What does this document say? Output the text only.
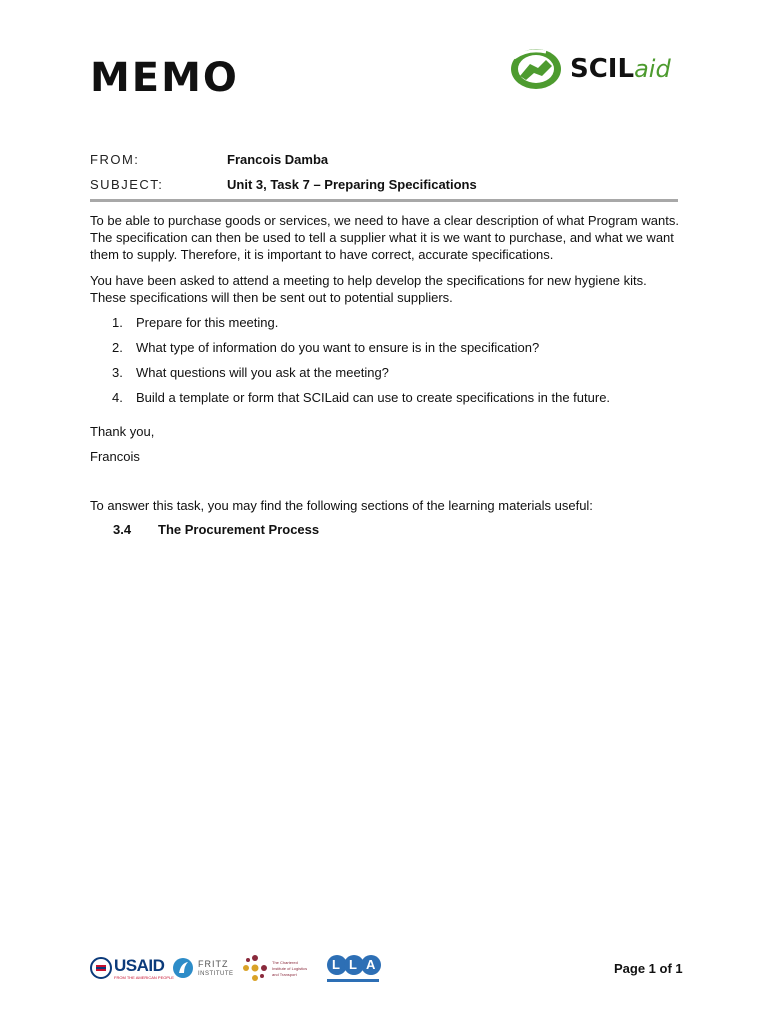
MEMO	SCILaid
FROM:	Francois Damba
SUBJECT:	Unit 3, Task 7 – Preparing Specifications

To be able to purchase goods or services, we need to have a clear description of what Program wants. The specification can then be used to tell a supplier what it is we want to purchase, and what we want them to supply. Therefore, it is important to have correct, accurate specifications.

You have been asked to attend a meeting to help develop the specifications for new hygiene kits. These specifications will then be sent out to potential suppliers.

1. Prepare for this meeting.
2. What type of information do you want to ensure is in the specification?
3. What questions will you ask at the meeting?
4. Build a template or form that SCILaid can use to create specifications in the future.
Thank you,
Francois
To answer this task, you may find the following sections of the learning materials useful:
3.4 The Procurement Process
USAID
FROM THE AMERICAN PEOPLE
FRITZ
INSTITUTE
The Chartered
Institute of Logistics
and Transport
L L A	Page 1 of 1
